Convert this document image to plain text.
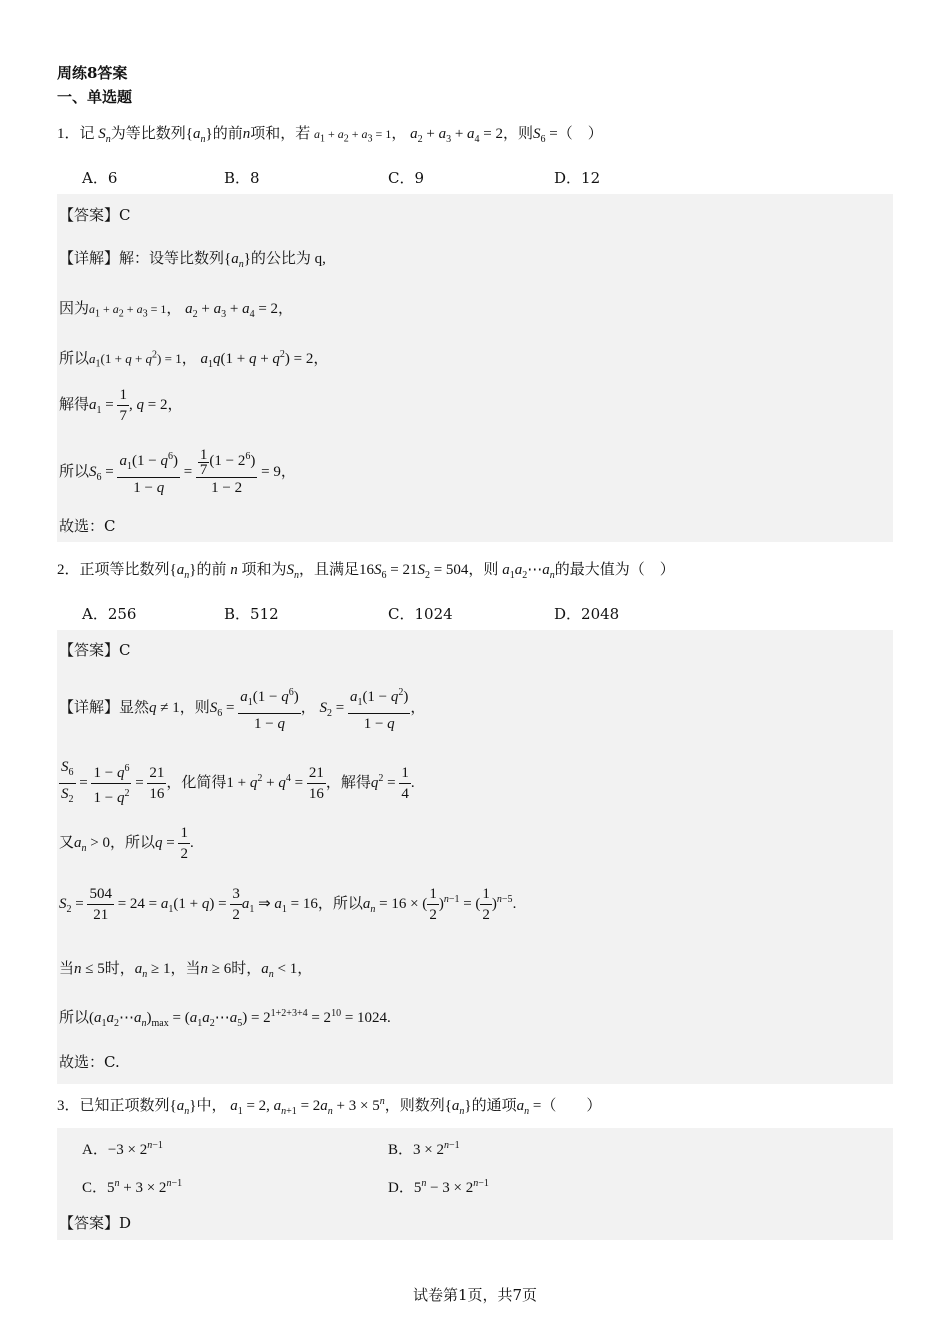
周练8答案
一、单选题
1．记 $S_n$为等比数列$\{a_n\}$的前n项和，若 $a_1 + a_2 + a_3 = 1$， $a_2 + a_3 + a_4 = 2$，则$S_6$ =（　）
A．6	B．8	C．9	D．12
【答案】C
【详解】解：设等比数列$\{a_n\}$的公比为 q,
因为$a_1 + a_2 + a_3 = 1$， $a_2 + a_3 + a_4 = 2$，
所以$a_1(1 + q + q^2) = 1$， $a_1q(1 + q + q^2) = 2$，
解得$a_1 = \frac{1}{7}$ , q = 2，
所以$S_6 = \frac{a_1(1 - q^6)}{1 - q} = \frac{\frac{1}{7} (1 - 2^6)}{1 - 2} = 9$，
故选：C
2．正项等比数列$\{a_n\}$的前 n 项和为$S_n$，且满足$16S_6 = 21S_2 = 504$，则 $a_1a_2\cdots a_n$的最大值为（　）
A．256	B．512	C．1024	D．2048
【答案】C
【详解】显然q ≠ 1，则$S_6 = \frac{a_1(1 - q^6)}{1 - q}$ ， $S_2 = \frac{a_1(1 - q^2)}{1 - q}$ ，
$\frac{S_6}{S_2} = \frac{1 - q^6}{1 - q^2} = \frac{21}{16}$ ，化简得$1 + q^2 + q^4 = \frac{21}{16}$ ，解得$q^2 = \frac{1}{4}$ .
又$a_n > 0$，所以$q = \frac{1}{2}$ .
$S_2 = \frac{504}{21} = 24 = a_1(1 + q) = \frac{3}{2} a_1$ ⇒ $a_1 = 16$，所以$a_n = 16$ × ( $\frac{1}{2} )^{n-1}$ = ( $\frac{1}{2} )^{n-5}$.
当n ≤ 5时，$a_n \ge 1$，当n ≥ 6时，$a_n < 1$，
所以$(a_1a_2\cdots a_n)_{max}$ = $(a_1a_2\cdots a_5) = 2^{1+2+3+4} = 2^{10} = 1024$.
故选：C.
3．已知正项数列$\{a_n\}$中， $a_1 = 2$, $a_{n+1} = 2a_n + 3 \times 5^n$，则数列$\{a_n\}$的通项$a_n$ =（　　）
A．$-3 \times 2^{n-1}$	B．$3 \times 2^{n-1}$
C．$5^n + 3 \times 2^{n-1}$	D．$5^n - 3 \times 2^{n-1}$
【答案】D
试卷第1页，共7页
